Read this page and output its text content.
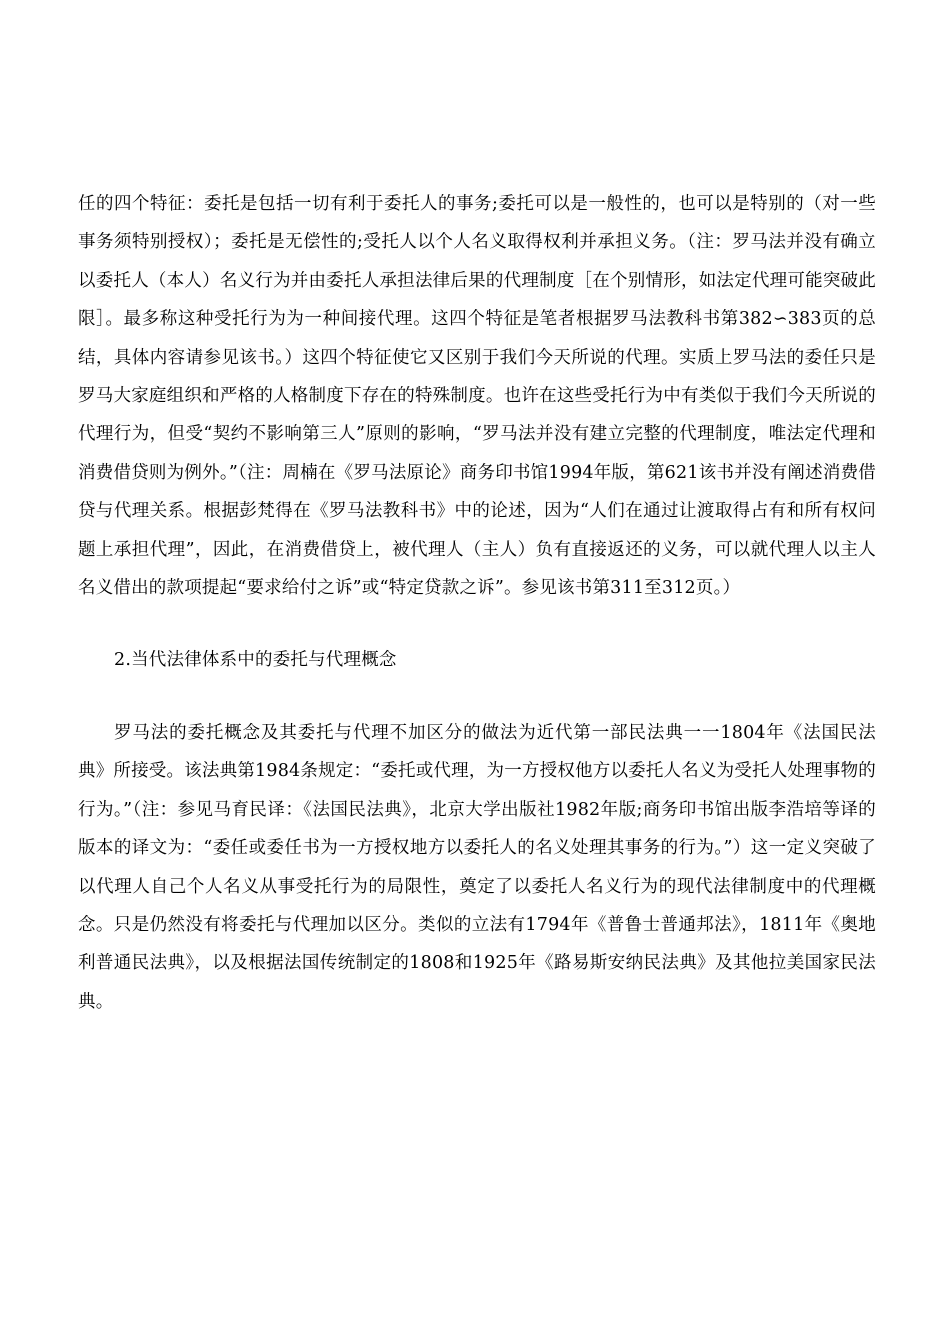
任的四个特征：委托是包括一切有利于委托人的事务;委托可以是一般性的，也可以是特别的（对一些事务须特别授权）；委托是无偿性的;受托人以个人名义取得权利并承担义务。（注：罗马法并没有确立以委托人（本人）名义行为并由委托人承担法律后果的代理制度［在个别情形，如法定代理可能突破此限］。最多称这种受托行为为一种间接代理。这四个特征是笔者根据罗马法教科书第382∽383页的总结，具体内容请参见该书。）这四个特征使它又区别于我们今天所说的代理。实质上罗马法的委任只是罗马大家庭组织和严格的人格制度下存在的特殊制度。也许在这些受托行为中有类似于我们今天所说的代理行为，但受“契约不影响第三人”原则的影响，“罗马法并没有建立完整的代理制度，唯法定代理和消费借贷则为例外。”（注：周楠在《罗马法原论》商务印书馆1994年版，第621该书并没有阐述消费借贷与代理关系。根据彭梵得在《罗马法教科书》中的论述，因为“人们在通过让渡取得占有和所有权问题上承担代理”，因此，在消费借贷上，被代理人（主人）负有直接返还的义务，可以就代理人以主人名义借出的款项提起“要求给付之诉”或“特定贷款之诉”。参见该书第311至312页。）

2.当代法律体系中的委托与代理概念

罗马法的委托概念及其委托与代理不加区分的做法为近代第一部民法典一一1804年《法国民法典》所接受。该法典第1984条规定：“委托或代理，为一方授权他方以委托人名义为受托人处理事物的行为。”（注：参见马育民译：《法国民法典》，北京大学出版社1982年版;商务印书馆出版李浩培等译的版本的译文为：“委任或委任书为一方授权地方以委托人的名义处理其事务的行为。”）这一定义突破了以代理人自己个人名义从事受托行为的局限性，奠定了以委托人名义行为的现代法律制度中的代理概念。只是仍然没有将委托与代理加以区分。类似的立法有1794年《普鲁士普通邦法》，1811年《奥地利普通民法典》，以及根据法国传统制定的1808和1925年《路易斯安纳民法典》及其他拉美国家民法典。
